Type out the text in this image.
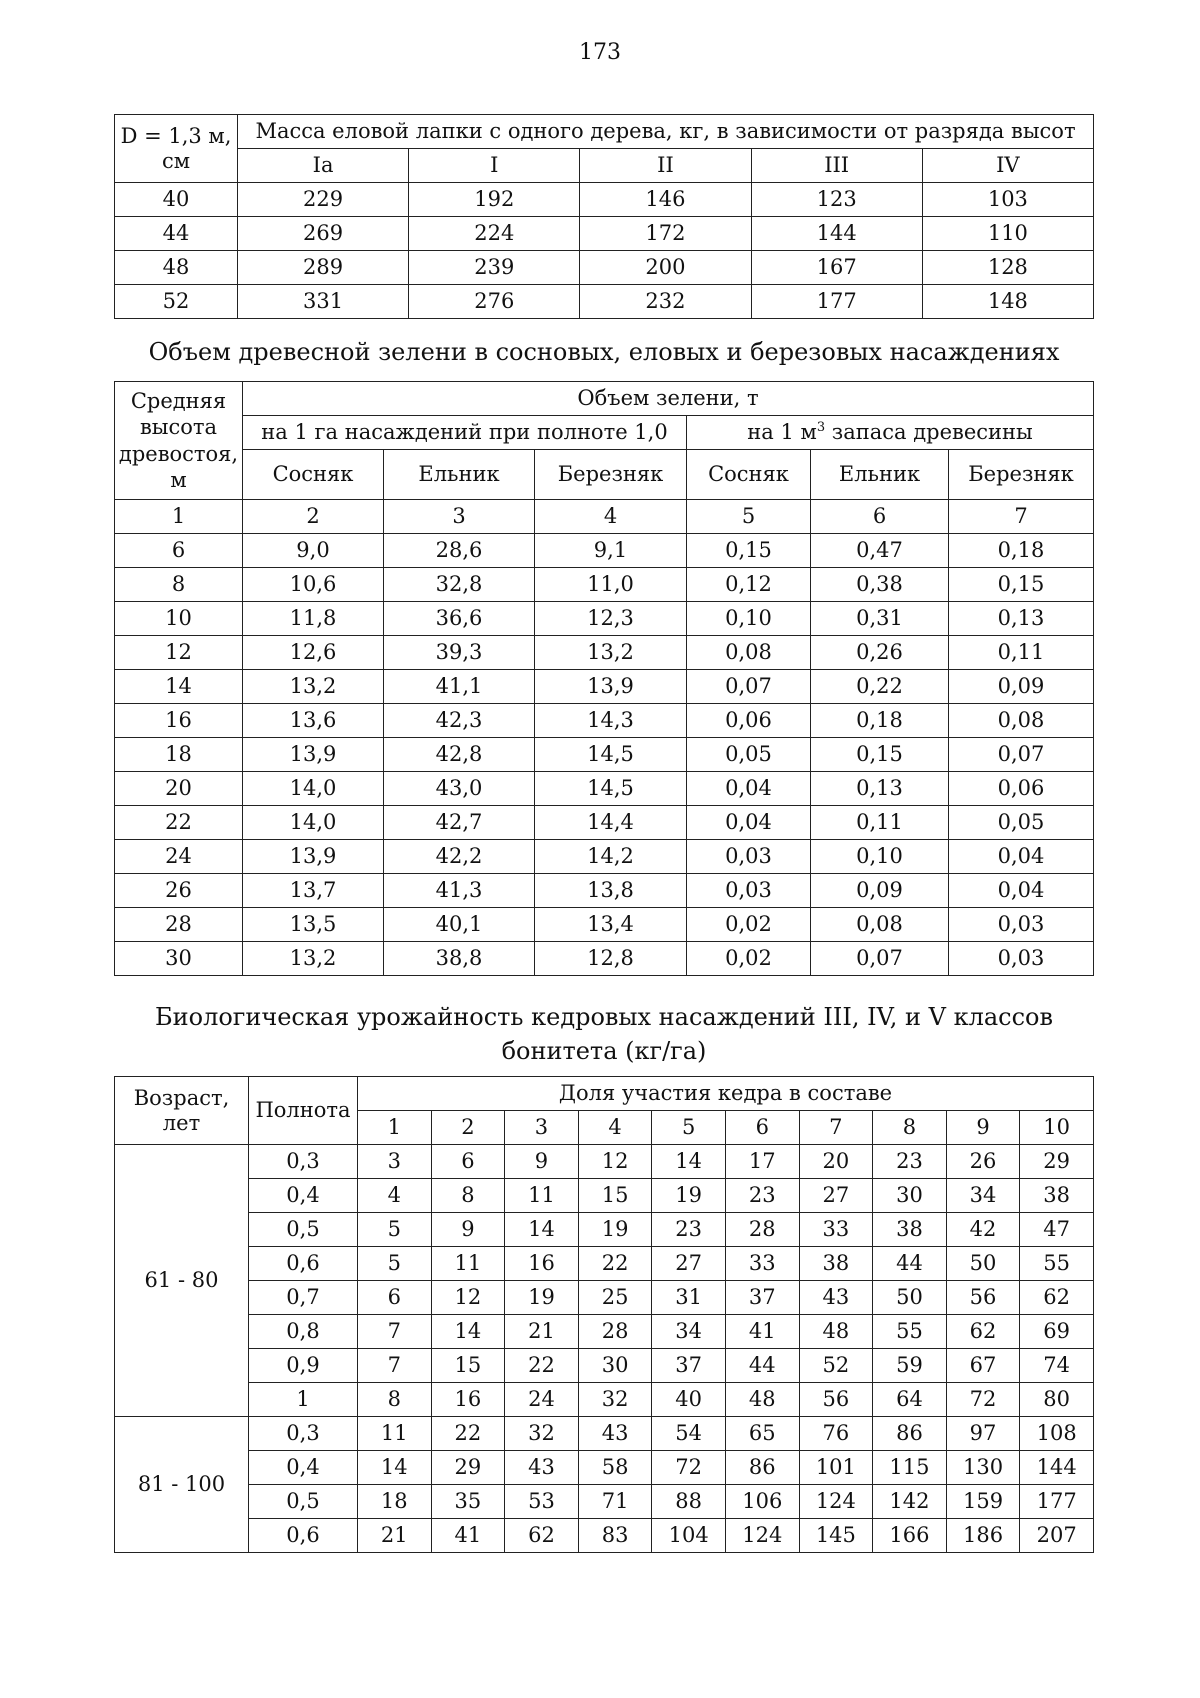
173
D = 1,3 м,
см	Масса еловой лапки с одного дерева, кг, в зависимости от разряда высот				
	Ia	I	II	III	IV
40	229	192	146	123	103
44	269	224	172	144	110
48	289	239	200	167	128
52	331	276	232	177	148
Объем древесной зелени в сосновых, еловых и березовых насаждениях
Средняя
высота
древостоя,
м	Объем зелени, т					
	на 1 га насаждений при полноте 1,0			на 1 $м^3$ запаса древесины		
	Сосняк	Ельник	Березняк	Сосняк	Ельник	Березняк
1	2	3	4	5	6	7
6	9,0	28,6	9,1	0,15	0,47	0,18
8	10,6	32,8	11,0	0,12	0,38	0,15
10	11,8	36,6	12,3	0,10	0,31	0,13
12	12,6	39,3	13,2	0,08	0,26	0,11
14	13,2	41,1	13,9	0,07	0,22	0,09
16	13,6	42,3	14,3	0,06	0,18	0,08
18	13,9	42,8	14,5	0,05	0,15	0,07
20	14,0	43,0	14,5	0,04	0,13	0,06
22	14,0	42,7	14,4	0,04	0,11	0,05
24	13,9	42,2	14,2	0,03	0,10	0,04
26	13,7	41,3	13,8	0,03	0,09	0,04
28	13,5	40,1	13,4	0,02	0,08	0,03
30	13,2	38,8	12,8	0,02	0,07	0,03
Биологическая урожайность кедровых насаждений III, IV, и V классов
бонитета (кг/га)
Возраст, лет	Полнота	Доля участия кедра в составе									
		1	2	3	4	5	6	7	8	9	10
61 - 80	0,3	3	6	9	12	14	17	20	23	26	29
	0,4	4	8	11	15	19	23	27	30	34	38
	0,5	5	9	14	19	23	28	33	38	42	47
	0,6	5	11	16	22	27	33	38	44	50	55
	0,7	6	12	19	25	31	37	43	50	56	62
	0,8	7	14	21	28	34	41	48	55	62	69
	0,9	7	15	22	30	37	44	52	59	67	74
	1	8	16	24	32	40	48	56	64	72	80
81 - 100	0,3	11	22	32	43	54	65	76	86	97	108
	0,4	14	29	43	58	72	86	101	115	130	144
	0,5	18	35	53	71	88	106	124	142	159	177
	0,6	21	41	62	83	104	124	145	166	186	207
